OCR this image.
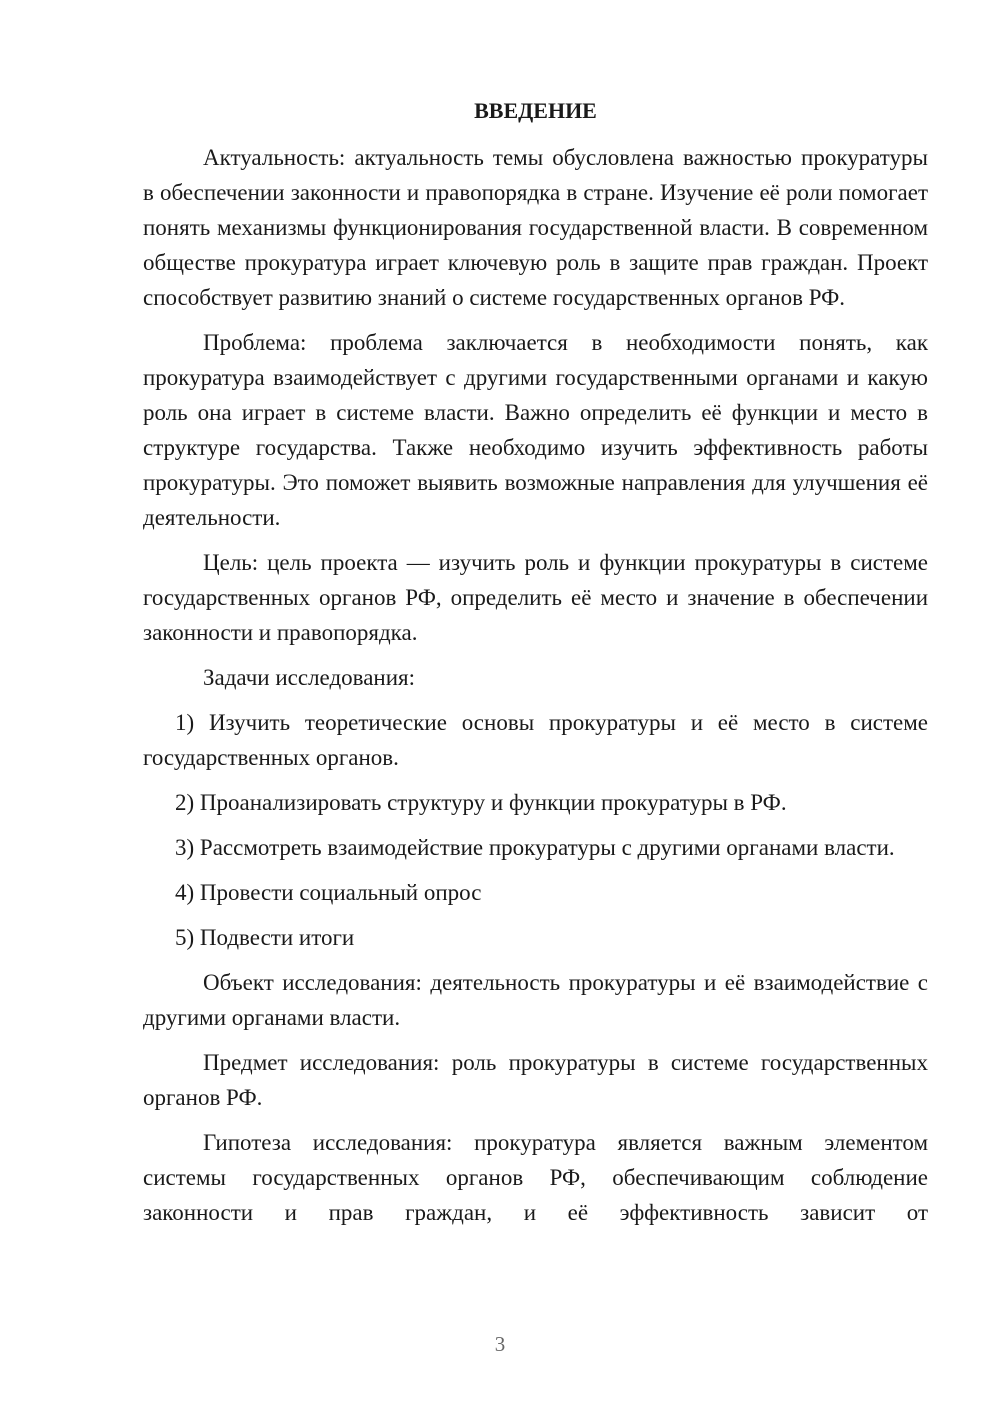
ВВЕДЕНИЕ

Актуальность: актуальность темы обусловлена важностью прокуратуры в обеспечении законности и правопорядка в стране. Изучение её роли помогает понять механизмы функционирования государственной власти. В современном обществе прокуратура играет ключевую роль в защите прав граждан. Проект способствует развитию знаний о системе государственных органов РФ.

Проблема: проблема заключается в необходимости понять, как прокуратура взаимодействует с другими государственными органами и какую роль она играет в системе власти. Важно определить её функции и место в структуре государства. Также необходимо изучить эффективность работы прокуратуры. Это поможет выявить возможные направления для улучшения её деятельности.

Цель: цель проекта — изучить роль и функции прокуратуры в системе государственных органов РФ, определить её место и значение в обеспечении законности и правопорядка.

Задачи исследования:

1) Изучить теоретические основы прокуратуры и её место в системе государственных органов.

2) Проанализировать структуру и функции прокуратуры в РФ.

3) Рассмотреть взаимодействие прокуратуры с другими органами власти.

4) Провести социальный опрос

5) Подвести итоги

Объект исследования: деятельность прокуратуры и её взаимодействие с другими органами власти.

Предмет исследования: роль прокуратуры в системе государственных органов РФ.

Гипотеза исследования: прокуратура является важным элементом системы государственных органов РФ, обеспечивающим соблюдение законности и прав граждан, и её эффективность зависит от

3
